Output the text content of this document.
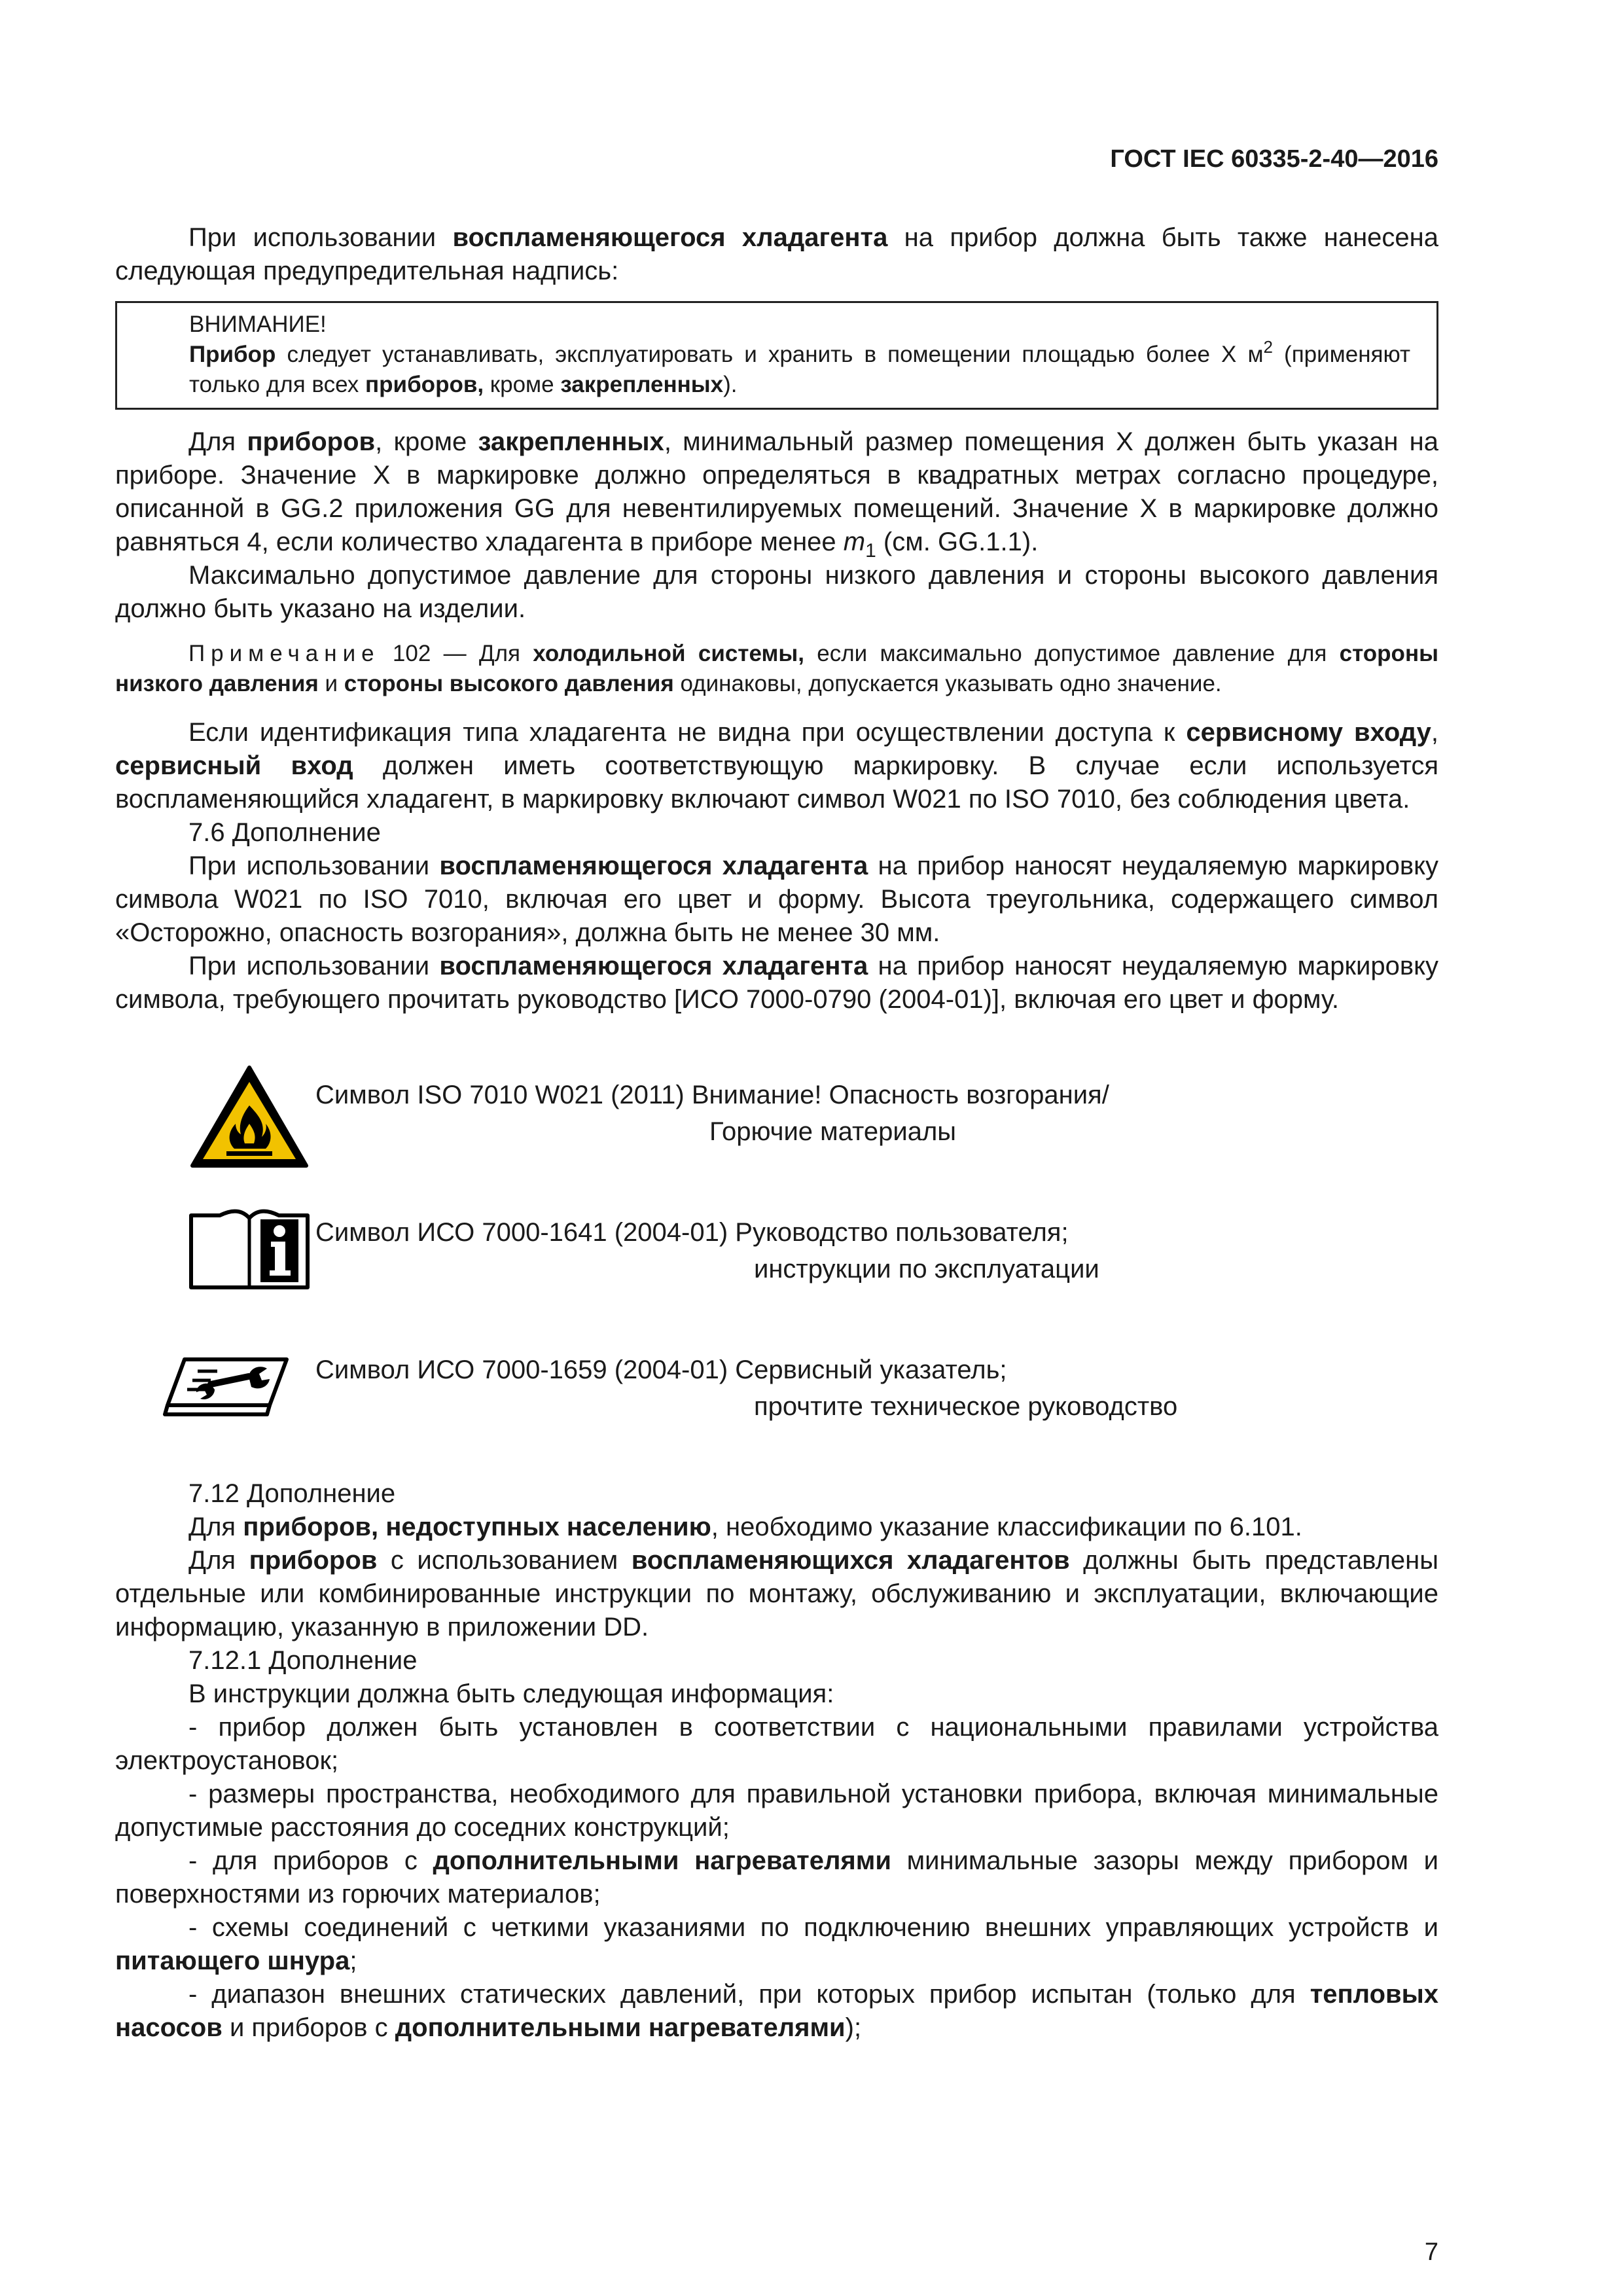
ГОСТ IEC 60335-2-40—2016

При использовании воспламеняющегося хладагента на прибор должна быть также нанесена следующая предупредительная надпись:

ВНИМАНИЕ!
Прибор следует устанавливать, эксплуатировать и хранить в помещении площадью более X $м^2$ (применяют только для всех приборов, кроме закрепленных).

Для приборов, кроме закрепленных, минимальный размер помещения X должен быть указан на приборе. Значение X в маркировке должно определяться в квадратных метрах согласно процедуре, описанной в GG.2 приложения GG для невентилируемых помещений. Значение X в маркировке должно равняться 4, если количество хладагента в приборе менее $m_1$ (см. GG.1.1).

Максимально допустимое давление для стороны низкого давления и стороны высокого давления должно быть указано на изделии.

Примечание 102 — Для холодильной системы, если максимально допустимое давление для стороны низкого давления и стороны высокого давления одинаковы, допускается указывать одно значение.

Если идентификация типа хладагента не видна при осуществлении доступа к сервисному входу, сервисный вход должен иметь соответствующую маркировку. В случае если используется воспламеняющийся хладагент, в маркировку включают символ W021 по ISO 7010, без соблюдения цвета.

7.6 Дополнение

При использовании воспламеняющегося хладагента на прибор наносят неудаляемую маркировку символа W021 по ISO 7010, включая его цвет и форму. Высота треугольника, содержащего символ «Осторожно, опасность возгорания», должна быть не менее 30 мм.

При использовании воспламеняющегося хладагента на прибор наносят неудаляемую маркировку символа, требующего прочитать руководство [ИСО 7000-0790 (2004-01)], включая его цвет и форму.

Символ ISO 7010 W021 (2011) Внимание! Опасность возгорания/
Горючие материалы
Символ ИСО 7000-1641 (2004-01) Руководство пользователя;
инструкции по эксплуатации
Символ ИСО 7000-1659 (2004-01) Сервисный указатель;
прочтите техническое руководство

7.12 Дополнение

Для приборов, недоступных населению, необходимо указание классификации по 6.101.

Для приборов с использованием воспламеняющихся хладагентов должны быть представлены отдельные или комбинированные инструкции по монтажу, обслуживанию и эксплуатации, включающие информацию, указанную в приложении DD.

7.12.1 Дополнение

В инструкции должна быть следующая информация:

- прибор должен быть установлен в соответствии с национальными правилами устройства электроустановок;

- размеры пространства, необходимого для правильной установки прибора, включая минимальные допустимые расстояния до соседних конструкций;

- для приборов с дополнительными нагревателями минимальные зазоры между прибором и поверхностями из горючих материалов;

- схемы соединений с четкими указаниями по подключению внешних управляющих устройств и питающего шнура;

- диапазон внешних статических давлений, при которых прибор испытан (только для тепловых насосов и приборов с дополнительными нагревателями);

7
